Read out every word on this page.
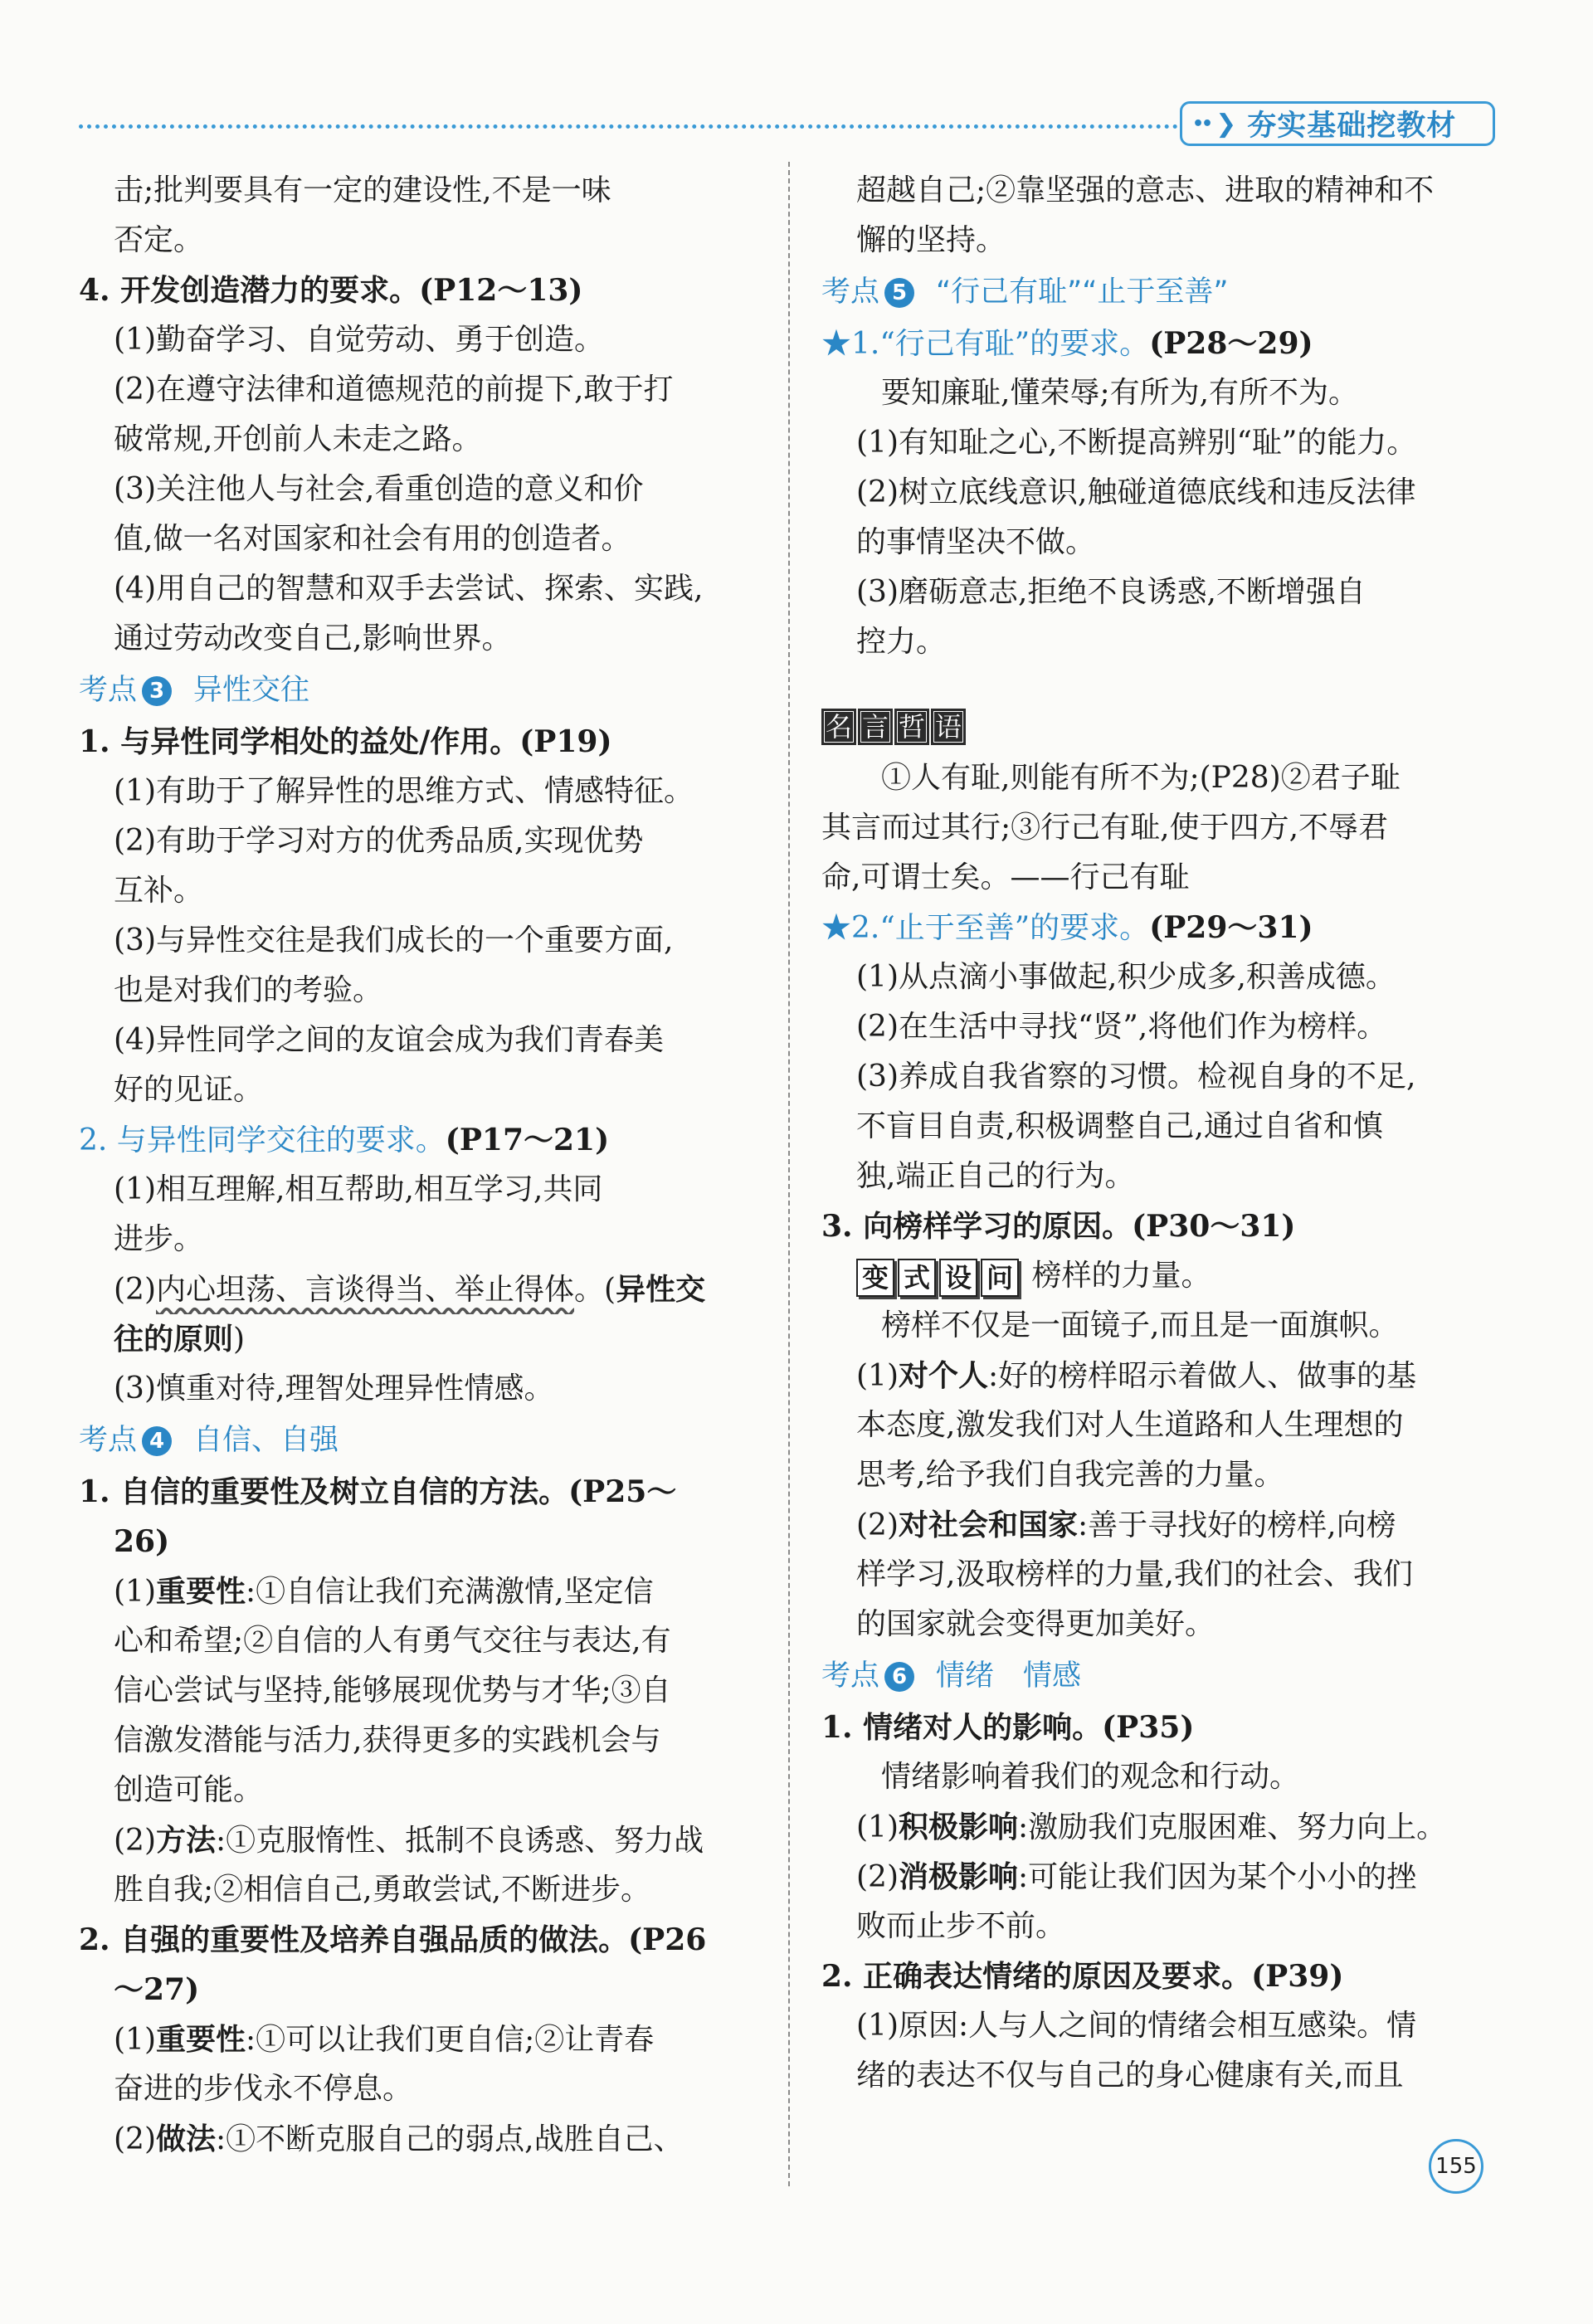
•• ❯ 夯实基础挖教材
击;批判要具有一定的建设性,不是一味
否定。
4. 开发创造潜力的要求。(P12～13)
(1)勤奋学习、自觉劳动、勇于创造。
(2)在遵守法律和道德规范的前提下,敢于打
破常规,开创前人未走之路。
(3)关注他人与社会,看重创造的意义和价
值,做一名对国家和社会有用的创造者。
(4)用自己的智慧和双手去尝试、探索、实践,
通过劳动改变自己,影响世界。
考点 3 异性交往
1. 与异性同学相处的益处/作用。(P19)
(1)有助于了解异性的思维方式、情感特征。
(2)有助于学习对方的优秀品质,实现优势
互补。
(3)与异性交往是我们成长的一个重要方面,
也是对我们的考验。
(4)异性同学之间的友谊会成为我们青春美
好的见证。
2. 与异性同学交往的要求。(P17～21)
(1)相互理解,相互帮助,相互学习,共同
进步。
(2)内心坦荡、言谈得当、举止得体。(异性交
往的原则)
(3)慎重对待,理智处理异性情感。
考点 4 自信、自强
1. 自信的重要性及树立自信的方法。(P25～
26)
(1)重要性:①自信让我们充满激情,坚定信
心和希望;②自信的人有勇气交往与表达,有
信心尝试与坚持,能够展现优势与才华;③自
信激发潜能与活力,获得更多的实践机会与
创造可能。
(2)方法:①克服惰性、抵制不良诱惑、努力战
胜自我;②相信自己,勇敢尝试,不断进步。
2. 自强的重要性及培养自强品质的做法。(P26
～27)
(1)重要性:①可以让我们更自信;②让青春
奋进的步伐永不停息。
(2)做法:①不断克服自己的弱点,战胜自己、
超越自己;②靠坚强的意志、进取的精神和不
懈的坚持。
考点 5 “行己有耻”“止于至善”
★1.“行己有耻”的要求。(P28～29)
要知廉耻,懂荣辱;有所为,有所不为。
(1)有知耻之心,不断提高辨别“耻”的能力。
(2)树立底线意识,触碰道德底线和违反法律
的事情坚决不做。
(3)磨砺意志,拒绝不良诱惑,不断增强自
控力。
名 言 哲 语
①人有耻,则能有所不为;(P28)②君子耻
其言而过其行;③行己有耻,使于四方,不辱君
命,可谓士矣。——行己有耻
★2.“止于至善”的要求。(P29～31)
(1)从点滴小事做起,积少成多,积善成德。
(2)在生活中寻找“贤”,将他们作为榜样。
(3)养成自我省察的习惯。检视自身的不足,
不盲目自责,积极调整自己,通过自省和慎
独,端正自己的行为。
3. 向榜样学习的原因。(P30～31)
变 式 设 问 榜样的力量。
榜样不仅是一面镜子,而且是一面旗帜。
(1)对个人:好的榜样昭示着做人、做事的基
本态度,激发我们对人生道路和人生理想的
思考,给予我们自我完善的力量。
(2)对社会和国家:善于寻找好的榜样,向榜
样学习,汲取榜样的力量,我们的社会、我们
的国家就会变得更加美好。
考点 6 情绪　情感
1. 情绪对人的影响。(P35)
情绪影响着我们的观念和行动。
(1)积极影响:激励我们克服困难、努力向上。
(2)消极影响:可能让我们因为某个小小的挫
败而止步不前。
2. 正确表达情绪的原因及要求。(P39)
(1)原因:人与人之间的情绪会相互感染。情
绪的表达不仅与自己的身心健康有关,而且
155
